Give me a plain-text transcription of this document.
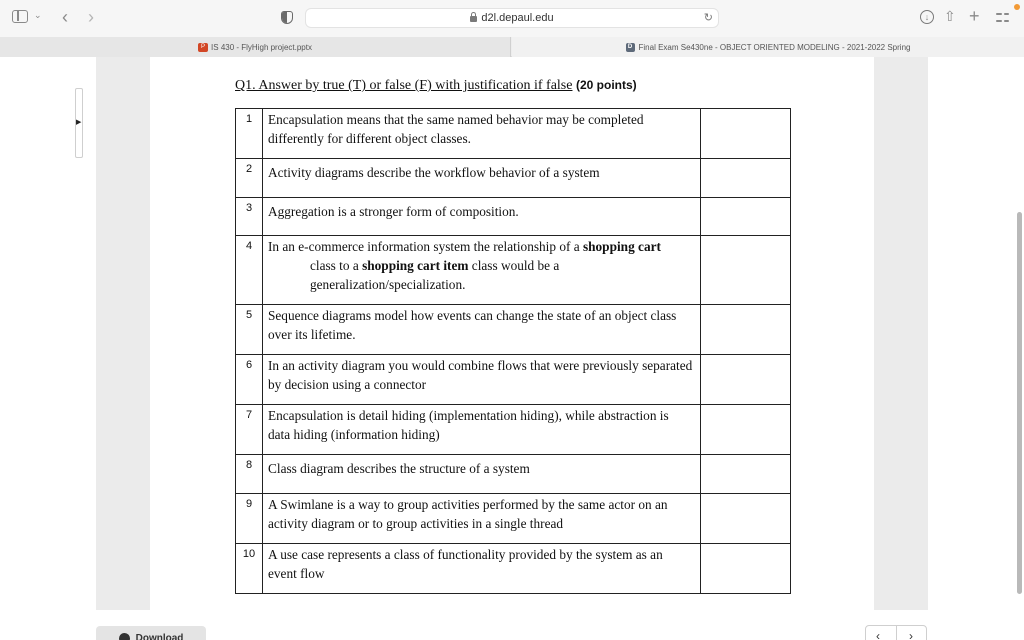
⌄ ‹ ›	d2l.depaul.edu	↻	↓	⇧ +
P IS 430 - FlyHigh project.pptx	D Final Exam Se430ne - OBJECT ORIENTED MODELING - 2021-2022 Spring
▶
Q1. Answer by true (T) or false (F) with justification if false (20 points)
1	Encapsulation means that the same named behavior may be completed differently for different object classes.	
2	Activity diagrams describe the workflow behavior of a system	

3	Aggregation is a stronger form of composition.	

4	In an e-commerce information system the relationship of a shopping cart
class to a shopping cart item class would be a generalization/specialization.	

5	Sequence diagrams model how events can change the state of an object class over its lifetime.	
6	In an activity diagram you would combine flows that were previously separated by decision using a connector	
7	Encapsulation is detail hiding (implementation hiding), while abstraction is data hiding (information hiding)	
8	Class diagram describes the structure of a system	

9	A Swimlane is a way to group activities performed by the same actor on an activity diagram or to group activities in a single thread	
10	A use case represents a class of functionality provided by the system as an event flow	
Download	‹ ›
